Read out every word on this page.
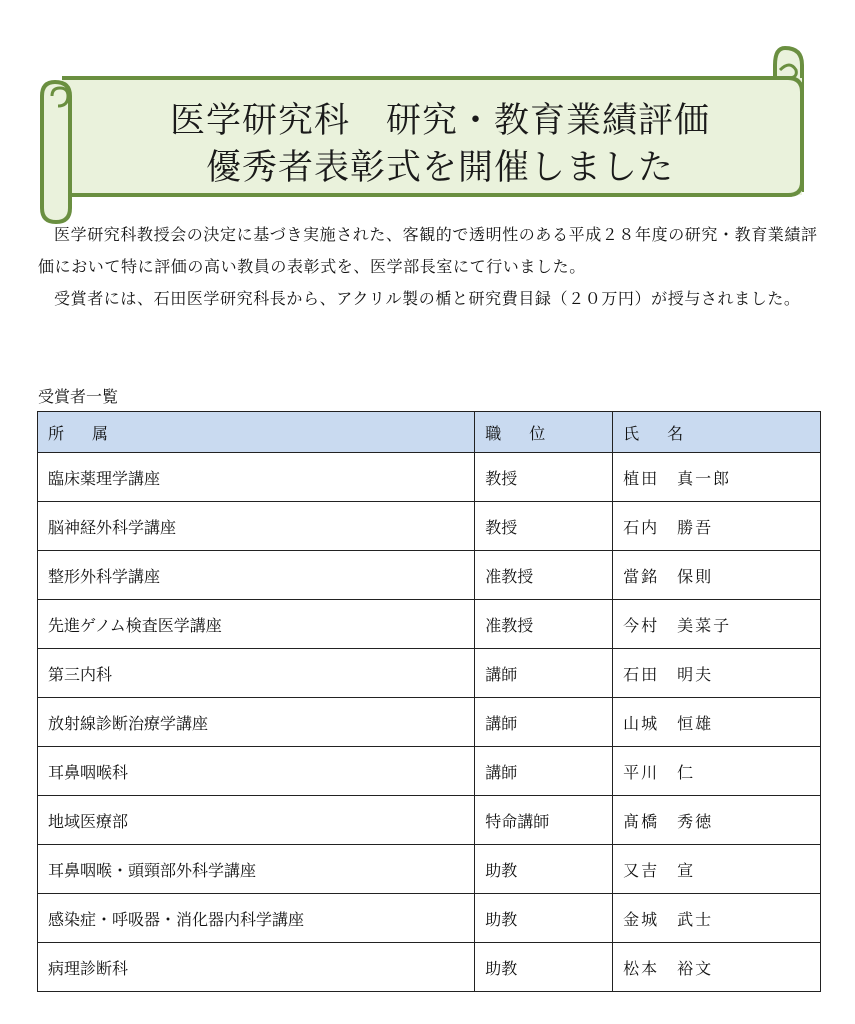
医学研究科　研究・教育業績評価
優秀者表彰式を開催しました

医学研究科教授会の決定に基づき実施された、客観的で透明性のある平成２８年度の研究・教育業績評価において特に評価の高い教員の表彰式を、医学部長室にて行いました。

受賞者には、石田医学研究科長から、アクリル製の楯と研究費目録（２０万円）が授与されました。

受賞者一覧
所　属	職　位	氏　名
臨床薬理学講座	教授	植田　真一郎
脳神経外科学講座	教授	石内　勝吾
整形外科学講座	准教授	當銘　保則
先進ゲノム検査医学講座	准教授	今村　美菜子
第三内科	講師	石田　明夫
放射線診断治療学講座	講師	山城　恒雄
耳鼻咽喉科	講師	平川　仁
地域医療部	特命講師	髙橋　秀徳
耳鼻咽喉・頭頸部外科学講座	助教	又吉　宣
感染症・呼吸器・消化器内科学講座	助教	金城　武士
病理診断科	助教	松本　裕文
